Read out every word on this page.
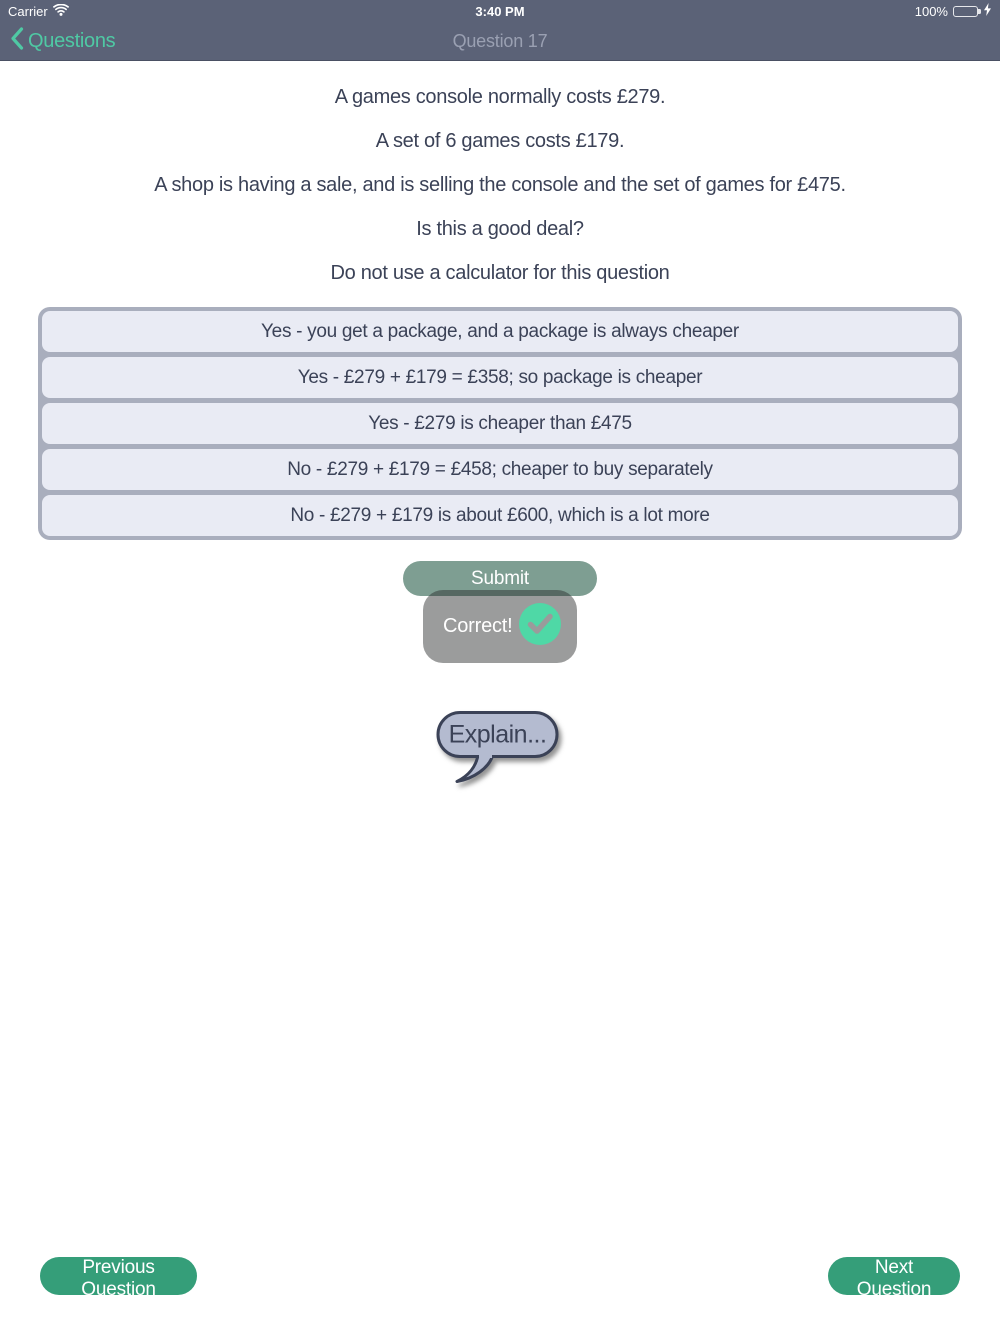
Carrier	3:40 PM	100%
Question 17
Questions

A games console normally costs £279.

A set of 6 games costs £179.

A shop is having a sale, and is selling the console and the set of games for £475.

Is this a good deal?

Do not use a calculator for this question

Yes - you get a package, and a package is always cheaper
Yes - £279 + £179 = £358; so package is cheaper
Yes - £279 is cheaper than £475
No - £279 + £179 = £458; cheaper to buy separately
No - £279 + £179 is about £600, which is a lot more
Submit
Correct!
Explain...
Previous Question
Next Question
